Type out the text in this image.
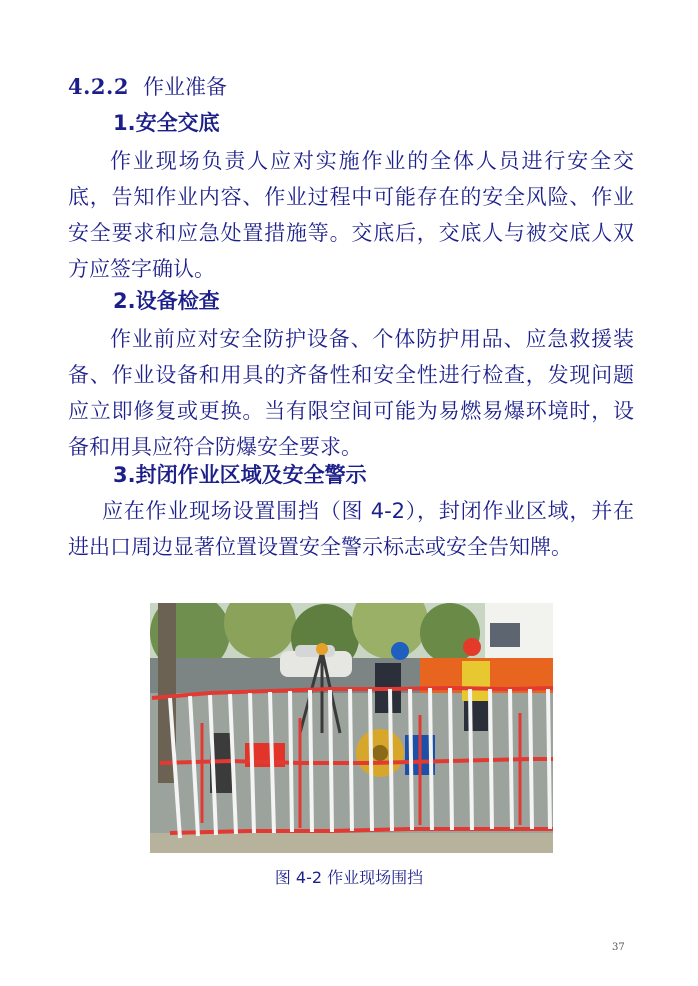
4.2.2 作业准备
1.安全交底
作业现场负责人应对实施作业的全体人员进行安全交底，告知作业内容、作业过程中可能存在的安全风险、作业安全要求和应急处置措施等。交底后，交底人与被交底人双方应签字确认。
2.设备检查
作业前应对安全防护设备、个体防护用品、应急救援装备、作业设备和用具的齐备性和安全性进行检查，发现问题应立即修复或更换。当有限空间可能为易燃易爆环境时，设备和用具应符合防爆安全要求。
3.封闭作业区域及安全警示
应在作业现场设置围挡（图 4-2），封闭作业区域，并在进出口周边显著位置设置安全警示标志或安全告知牌。
图 4-2 作业现场围挡
37
